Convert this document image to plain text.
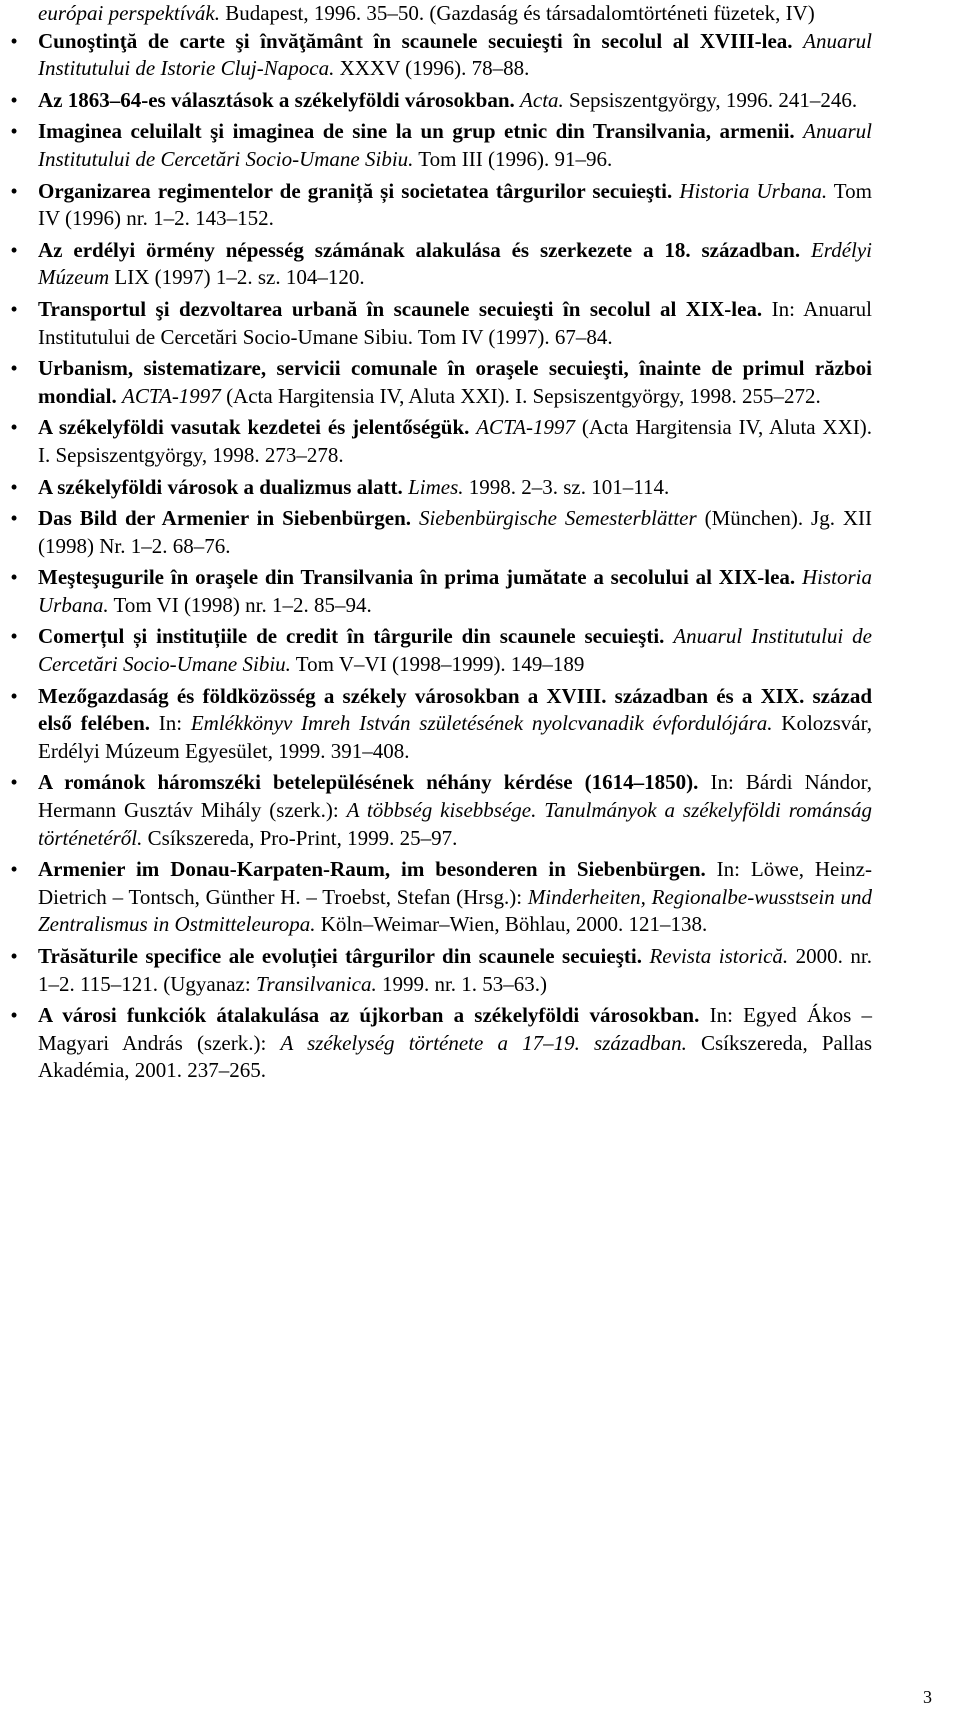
európai perspektívák. Budapest, 1996. 35–50. (Gazdaság és társadalomtörténeti füzetek, IV)

• Cunoştinţă de carte şi învăţământ în scaunele secuieşti în secolul al XVIII-lea. Anuarul Institutului de Istorie Cluj-Napoca. XXXV (1996). 78–88.
• Az 1863–64-es választások a székelyföldi városokban. Acta. Sepsiszentgyörgy, 1996. 241–246.
• Imaginea celuilalt şi imaginea de sine la un grup etnic din Transilvania, armenii. Anuarul Institutului de Cercetări Socio-Umane Sibiu. Tom III (1996). 91–96.
• Organizarea regimentelor de graniță și societatea târgurilor secuieşti. Historia Urbana. Tom IV (1996) nr. 1–2. 143–152.
• Az erdélyi örmény népesség számának alakulása és szerkezete a 18. században. Erdélyi Múzeum LIX (1997) 1–2. sz. 104–120.
• Transportul şi dezvoltarea urbană în scaunele secuieşti în secolul al XIX-lea. In: Anuarul Institutului de Cercetări Socio-Umane Sibiu. Tom IV (1997). 67–84.
• Urbanism, sistematizare, servicii comunale în oraşele secuieşti, înainte de primul război mondial. ACTA-1997 (Acta Hargitensia IV, Aluta XXI). I. Sepsiszentgyörgy, 1998. 255–272.
• A székelyföldi vasutak kezdetei és jelentőségük. ACTA-1997 (Acta Hargitensia IV, Aluta XXI). I. Sepsiszentgyörgy, 1998. 273–278.
• A székelyföldi városok a dualizmus alatt. Limes. 1998. 2–3. sz. 101–114.
• Das Bild der Armenier in Siebenbürgen. Siebenbürgische Semesterblätter (München). Jg. XII (1998) Nr. 1–2. 68–76.
• Meşteşugurile în oraşele din Transilvania în prima jumătate a secolului al XIX-lea. Historia Urbana. Tom VI (1998) nr. 1–2. 85–94.
• Comerțul și instituțiile de credit în târgurile din scaunele secuieşti. Anuarul Institutului de Cercetări Socio-Umane Sibiu. Tom V–VI (1998–1999). 149–189
• Mezőgazdaság és földközösség a székely városokban a XVIII. században és a XIX. század első felében. In: Emlékkönyv Imreh István születésének nyolcvanadik évfordulójára. Kolozsvár, Erdélyi Múzeum Egyesület, 1999. 391–408.
• A románok háromszéki betelepülésének néhány kérdése (1614–1850). In: Bárdi Nándor, Hermann Gusztáv Mihály (szerk.): A többség kisebbsége. Tanulmányok a székelyföldi románság történetéről. Csíkszereda, Pro-Print, 1999. 25–97.
• Armenier im Donau-Karpaten-Raum, im besonderen in Siebenbürgen. In: Löwe, Heinz-Dietrich – Tontsch, Günther H. – Troebst, Stefan (Hrsg.): Minderheiten, Regionalbe-wusstsein und Zentralismus in Ostmitteleuropa. Köln–Weimar–Wien, Böhlau, 2000. 121–138.
• Trăsăturile specifice ale evoluției târgurilor din scaunele secuieşti. Revista istorică. 2000. nr. 1–2. 115–121. (Ugyanaz: Transilvanica. 1999. nr. 1. 53–63.)
• A városi funkciók átalakulása az újkorban a székelyföldi városokban. In: Egyed Ákos – Magyari András (szerk.): A székelység története a 17–19. században. Csíkszereda, Pallas Akadémia, 2001. 237–265.
3
